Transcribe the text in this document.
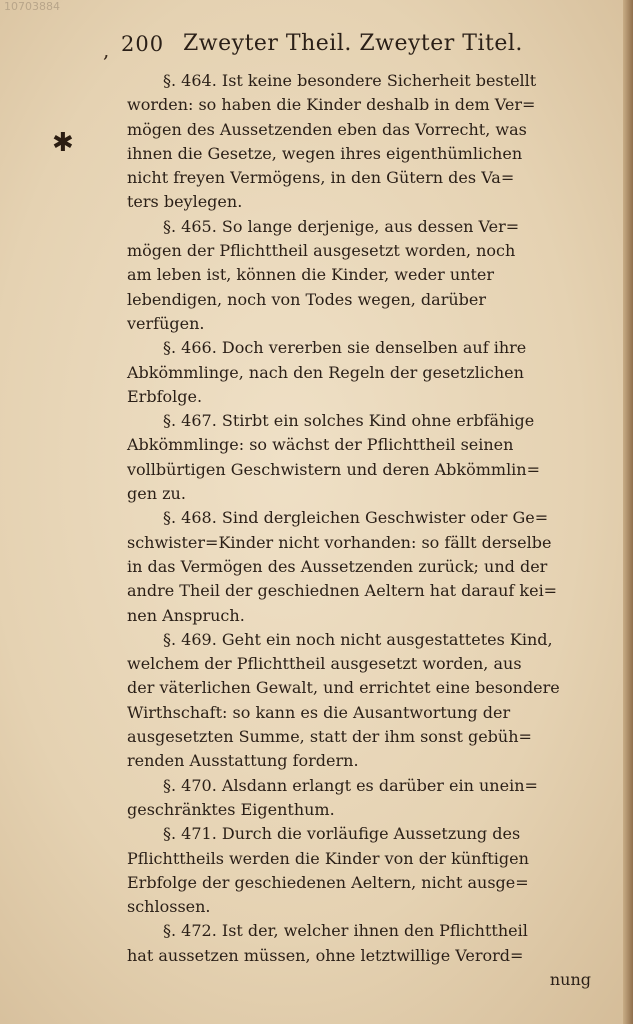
10703884
, 200 Zweyter Theil. Zweyter Titel.
✱
§. 464. Ist keine besondere Sicherheit bestellt
worden: so haben die Kinder deshalb in dem Ver=
mögen des Aussetzenden eben das Vorrecht, was
ihnen die Gesetze, wegen ihres eigenthümlichen
nicht freyen Vermögens, in den Gütern des Va=
ters beylegen.
§. 465. So lange derjenige, aus dessen Ver=
mögen der Pflichttheil ausgesetzt worden, noch
am leben ist, können die Kinder, weder unter
lebendigen, noch von Todes wegen, darüber
verfügen.
§. 466. Doch vererben sie denselben auf ihre
Abkömmlinge, nach den Regeln der gesetzlichen
Erbfolge.
§. 467. Stirbt ein solches Kind ohne erbfähige
Abkömmlinge: so wächst der Pflichttheil seinen
vollbürtigen Geschwistern und deren Abkömmlin=
gen zu.
§. 468. Sind dergleichen Geschwister oder Ge=
schwister=Kinder nicht vorhanden: so fällt derselbe
in das Vermögen des Aussetzenden zurück; und der
andre Theil der geschiednen Aeltern hat darauf kei=
nen Anspruch.
§. 469. Geht ein noch nicht ausgestattetes Kind,
welchem der Pflichttheil ausgesetzt worden, aus
der väterlichen Gewalt, und errichtet eine besondere
Wirthschaft: so kann es die Ausantwortung der
ausgesetzten Summe, statt der ihm sonst gebüh=
renden Ausstattung fordern.
§. 470. Alsdann erlangt es darüber ein unein=
geschränktes Eigenthum.
§. 471. Durch die vorläufige Aussetzung des
Pflichttheils werden die Kinder von der künftigen
Erbfolge der geschiedenen Aeltern, nicht ausge=
schlossen.
§. 472. Ist der, welcher ihnen den Pflichttheil
hat aussetzen müssen, ohne letztwillige Verord=
nung
